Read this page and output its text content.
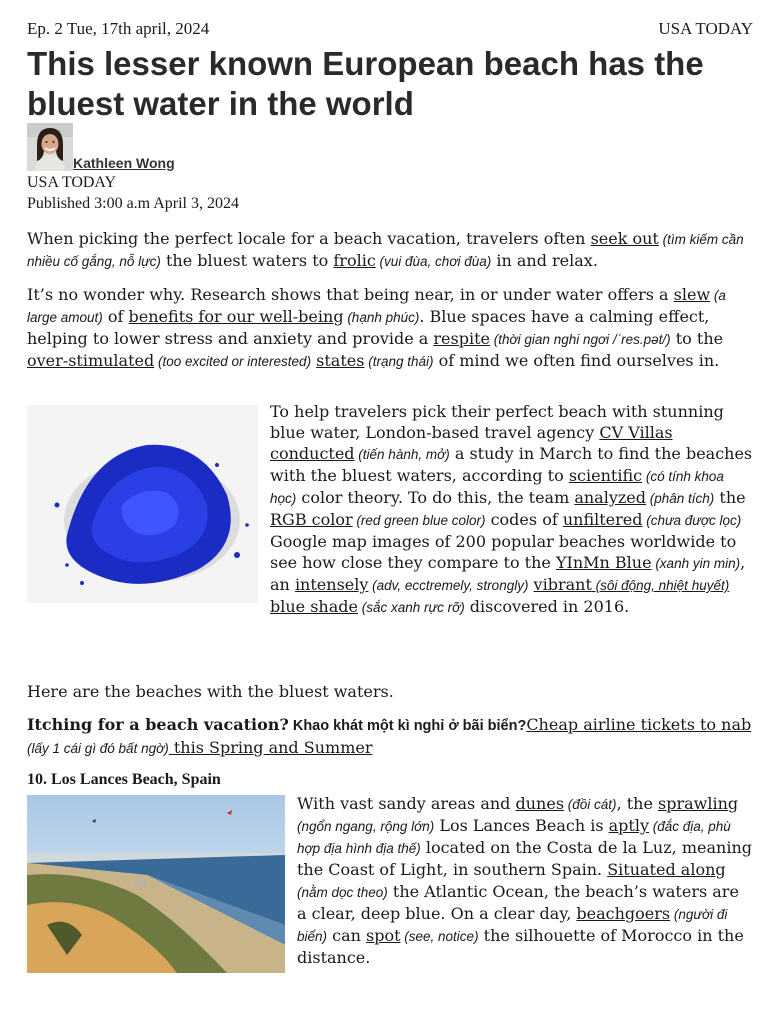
Ep. 2 Tue, 17th april, 2024	USA TODAY
This lesser known European beach has the bluest water in the world
Kathleen Wong
USA TODAY
Published 3:00 a.m April 3, 2024

When picking the perfect locale for a beach vacation, travelers often seek out (tìm kiếm cần nhiều cố gắng, nỗ lực) the bluest waters to frolic (vui đùa, chơi đùa) in and relax.

It’s no wonder why. Research shows that being near, in or under water offers a slew (a large amout) of benefits for our well-being (hạnh phúc). Blue spaces have a calming effect, helping to lower stress and anxiety and provide a respite (thời gian nghi ngơi /ˈres.pət/) to the over-stimulated (too excited or interested) states (trạng thái) of mind we often find ourselves in.

To help travelers pick their perfect beach with stunning blue water, London-based travel agency CV Villas conducted (tiến hành, mở) a study in March to find the beaches with the bluest waters, according to scientific (có tính khoa học) color theory. To do this, the team analyzed (phân tích) the RGB color (red green blue color) codes of unfiltered (chưa được lọc) Google map images of 200 popular beaches worldwide to see how close they compare to the YInMn Blue (xanh yin min), an intensely (adv, ecctremely, strongly) vibrant (sôi động, nhiệt huyết) blue shade (sắc xanh rực rỡ) discovered in 2016.

Here are the beaches with the bluest waters.

Itching for a beach vacation? Khao khát một kì nghỉ ở bãi biển?Cheap airline tickets to nab (lấy 1 cái gì đó bất ngờ) this Spring and Summer
10. Los Lances Beach, Spain

With vast sandy areas and dunes (đồi cát), the sprawling (ngổn ngang, rộng lớn) Los Lances Beach is aptly (đắc địa, phù hợp địa hình địa thế) located on the Costa de la Luz, meaning the Coast of Light, in southern Spain. Situated along (nằm dọc theo) the Atlantic Ocean, the beach’s waters are a clear, deep blue. On a clear day, beachgoers (người đi biển) can spot (see, notice) the silhouette of Morocco in the distance.
